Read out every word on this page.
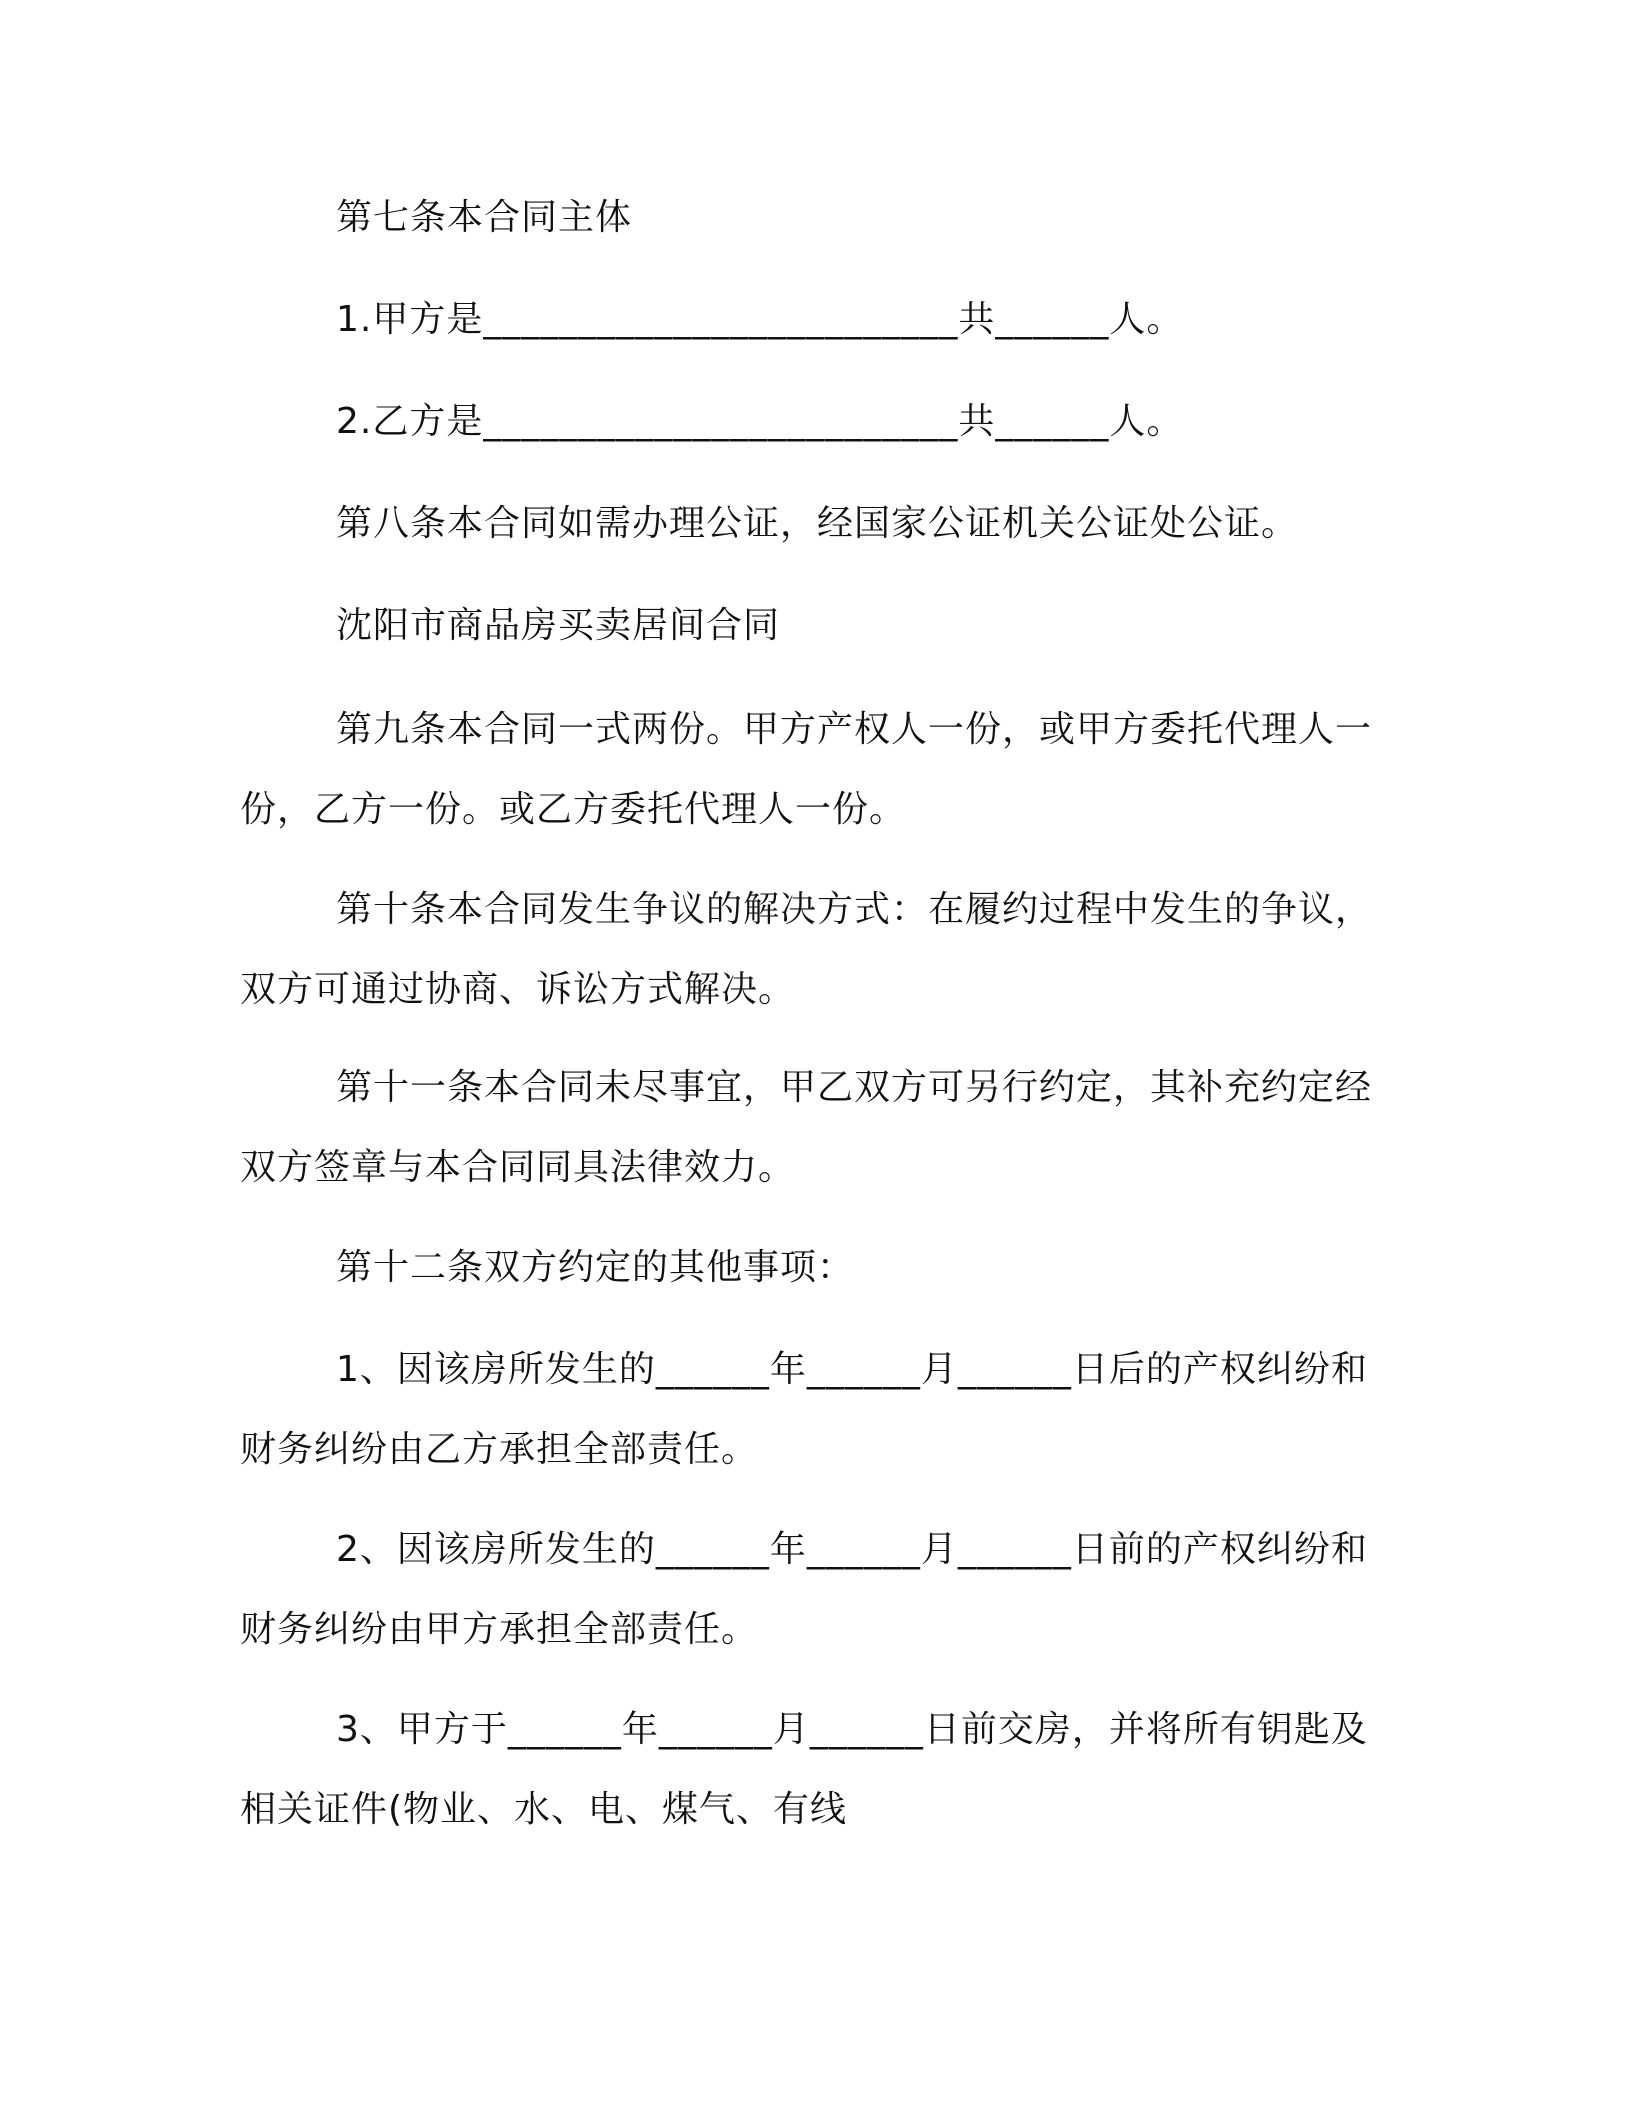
第七条本合同主体
1.甲方是_________________________共______人。
2.乙方是_________________________共______人。
第八条本合同如需办理公证，经国家公证机关公证处公证。
沈阳市商品房买卖居间合同

第九条本合同一式两份。甲方产权人一份，或甲方委托代理人一份，乙方一份。或乙方委托代理人一份。

第十条本合同发生争议的解决方式：在履约过程中发生的争议，双方可通过协商、诉讼方式解决。

第十一条本合同未尽事宜，甲乙双方可另行约定，其补充约定经双方签章与本合同同具法律效力。

第十二条双方约定的其他事项：

1、因该房所发生的______年______月______日后的产权纠纷和财务纠纷由乙方承担全部责任。

2、因该房所发生的______年______月______日前的产权纠纷和财务纠纷由甲方承担全部责任。

3、甲方于______年______月______日前交房，并将所有钥匙及相关证件(物业、水、电、煤气、有线
